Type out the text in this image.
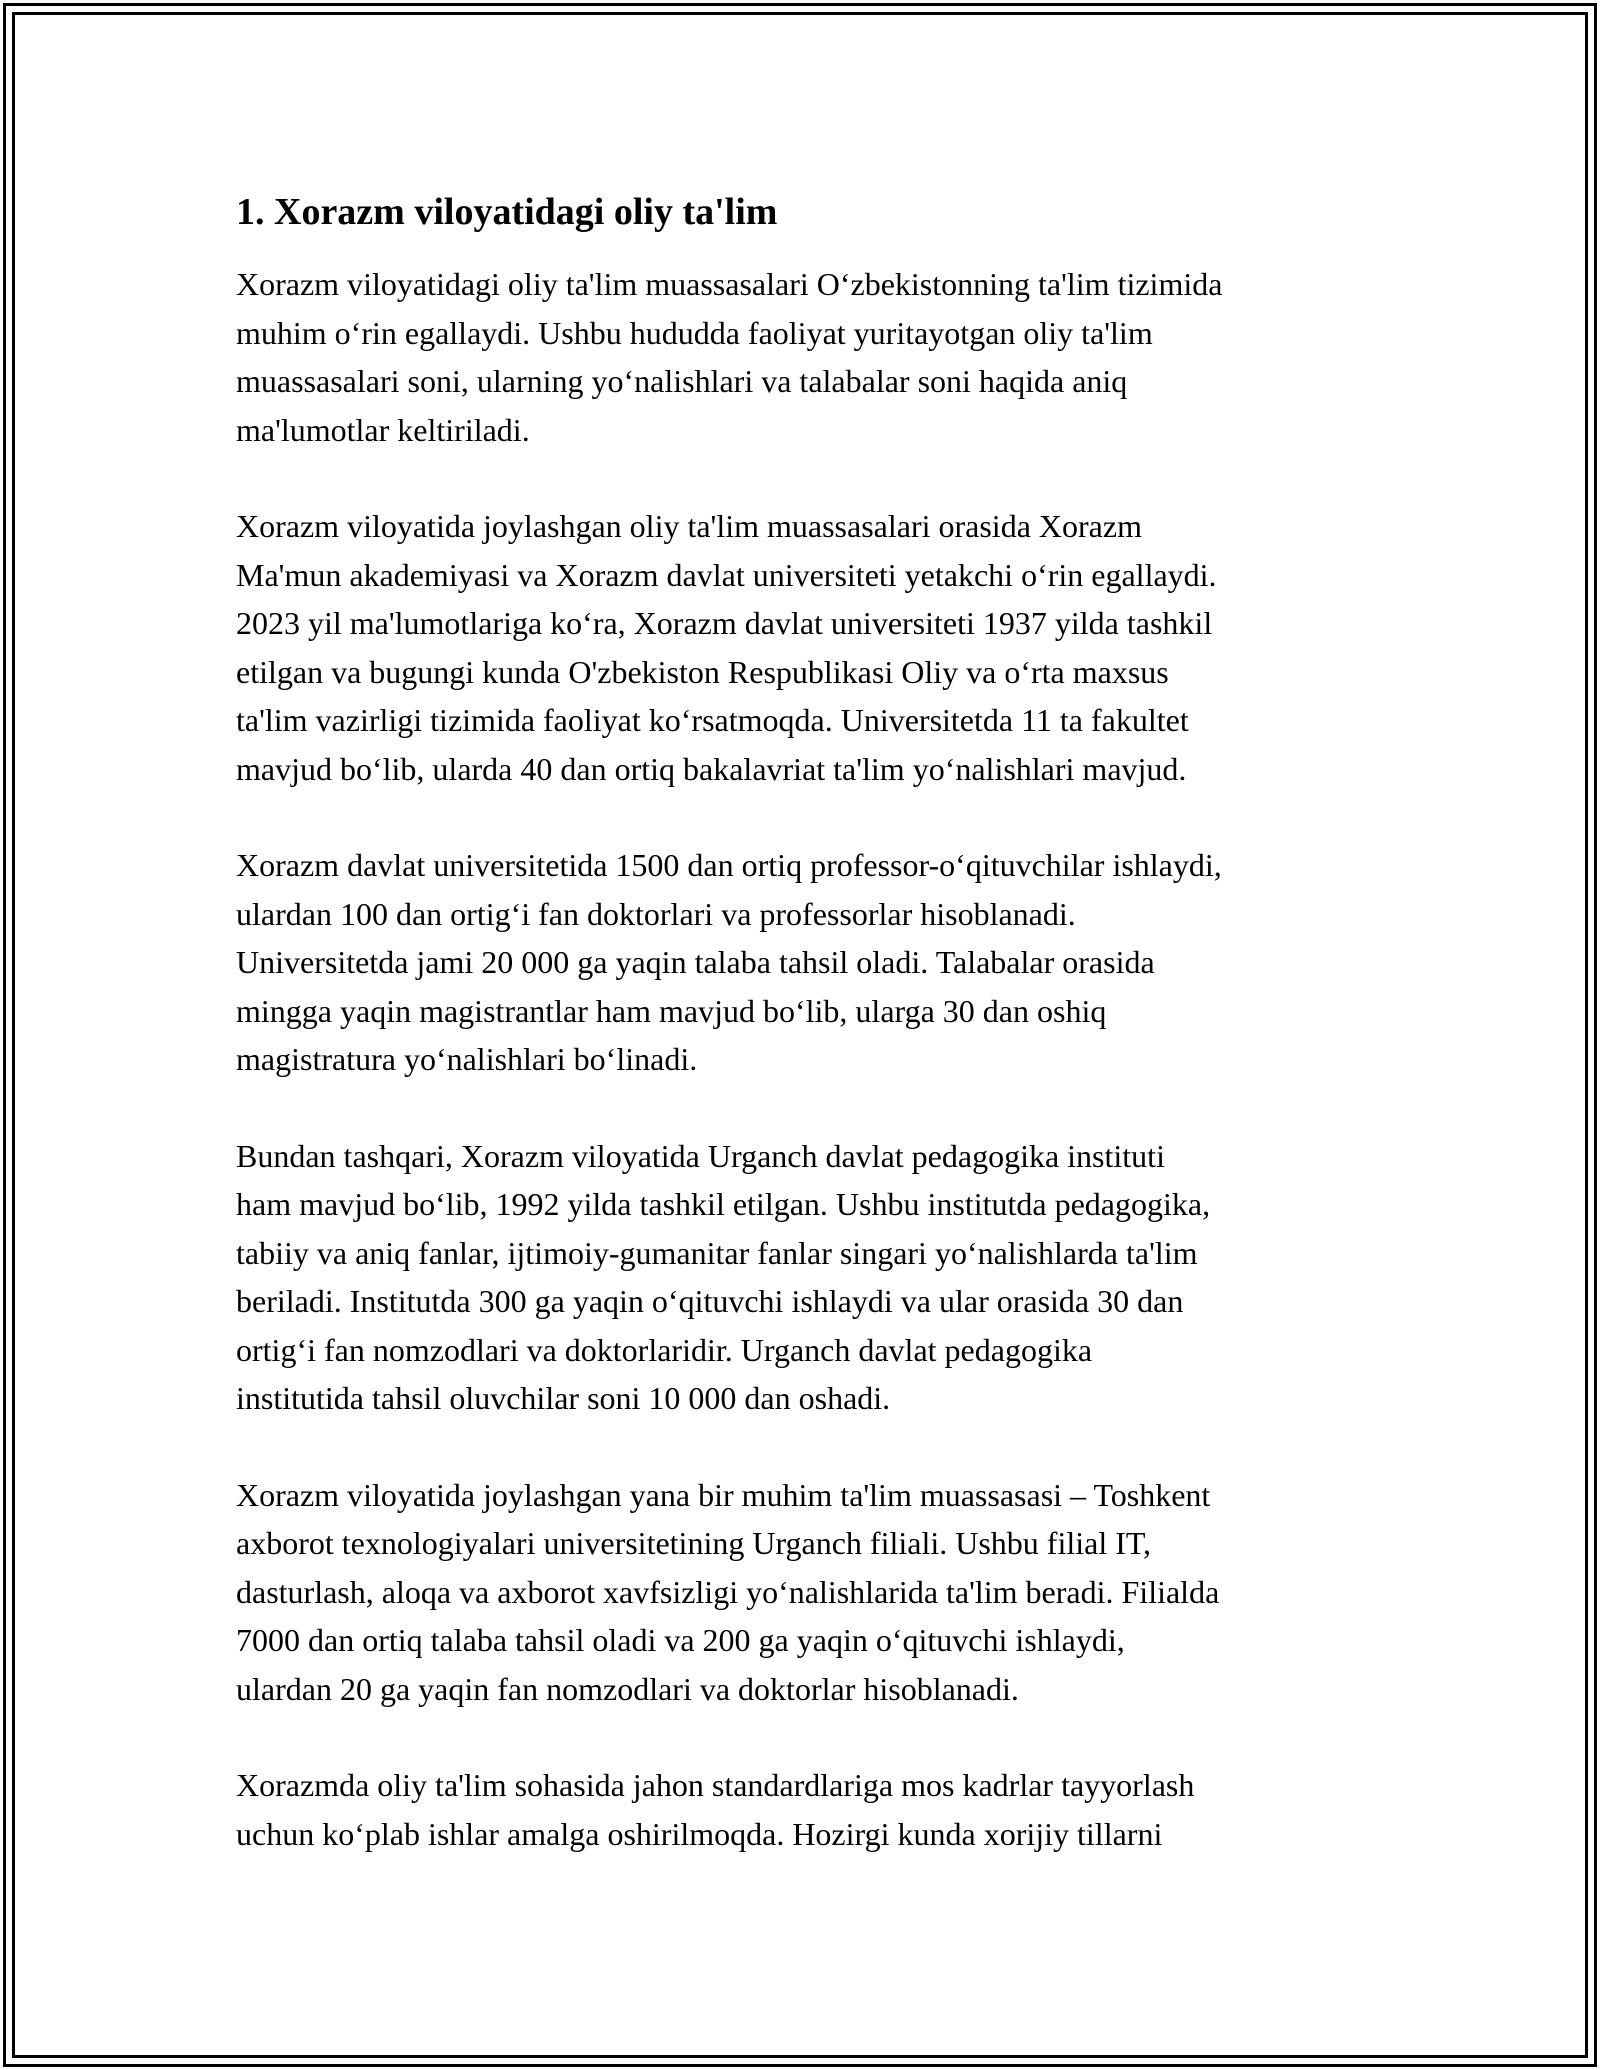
1. Xorazm viloyatidagi oliy ta'lim

Xorazm viloyatidagi oliy ta'lim muassasalari O‘zbekistonning ta'lim tizimida
muhim o‘rin egallaydi. Ushbu hududda faoliyat yuritayotgan oliy ta'lim
muassasalari soni, ularning yo‘nalishlari va talabalar soni haqida aniq
ma'lumotlar keltiriladi.

Xorazm viloyatida joylashgan oliy ta'lim muassasalari orasida Xorazm
Ma'mun akademiyasi va Xorazm davlat universiteti yetakchi o‘rin egallaydi.
2023 yil ma'lumotlariga ko‘ra, Xorazm davlat universiteti 1937 yilda tashkil
etilgan va bugungi kunda O'zbekiston Respublikasi Oliy va o‘rta maxsus
ta'lim vazirligi tizimida faoliyat ko‘rsatmoqda. Universitetda 11 ta fakultet
mavjud bo‘lib, ularda 40 dan ortiq bakalavriat ta'lim yo‘nalishlari mavjud.

Xorazm davlat universitetida 1500 dan ortiq professor-o‘qituvchilar ishlaydi,
ulardan 100 dan ortig‘i fan doktorlari va professorlar hisoblanadi.
Universitetda jami 20 000 ga yaqin talaba tahsil oladi. Talabalar orasida
mingga yaqin magistrantlar ham mavjud bo‘lib, ularga 30 dan oshiq
magistratura yo‘nalishlari bo‘linadi.

Bundan tashqari, Xorazm viloyatida Urganch davlat pedagogika instituti
ham mavjud bo‘lib, 1992 yilda tashkil etilgan. Ushbu institutda pedagogika,
tabiiy va aniq fanlar, ijtimoiy-gumanitar fanlar singari yo‘nalishlarda ta'lim
beriladi. Institutda 300 ga yaqin o‘qituvchi ishlaydi va ular orasida 30 dan
ortig‘i fan nomzodlari va doktorlaridir. Urganch davlat pedagogika
institutida tahsil oluvchilar soni 10 000 dan oshadi.

Xorazm viloyatida joylashgan yana bir muhim ta'lim muassasasi – Toshkent
axborot texnologiyalari universitetining Urganch filiali. Ushbu filial IT,
dasturlash, aloqa va axborot xavfsizligi yo‘nalishlarida ta'lim beradi. Filialda
7000 dan ortiq talaba tahsil oladi va 200 ga yaqin o‘qituvchi ishlaydi,
ulardan 20 ga yaqin fan nomzodlari va doktorlar hisoblanadi.

Xorazmda oliy ta'lim sohasida jahon standardlariga mos kadrlar tayyorlash
uchun ko‘plab ishlar amalga oshirilmoqda. Hozirgi kunda xorijiy tillarni
